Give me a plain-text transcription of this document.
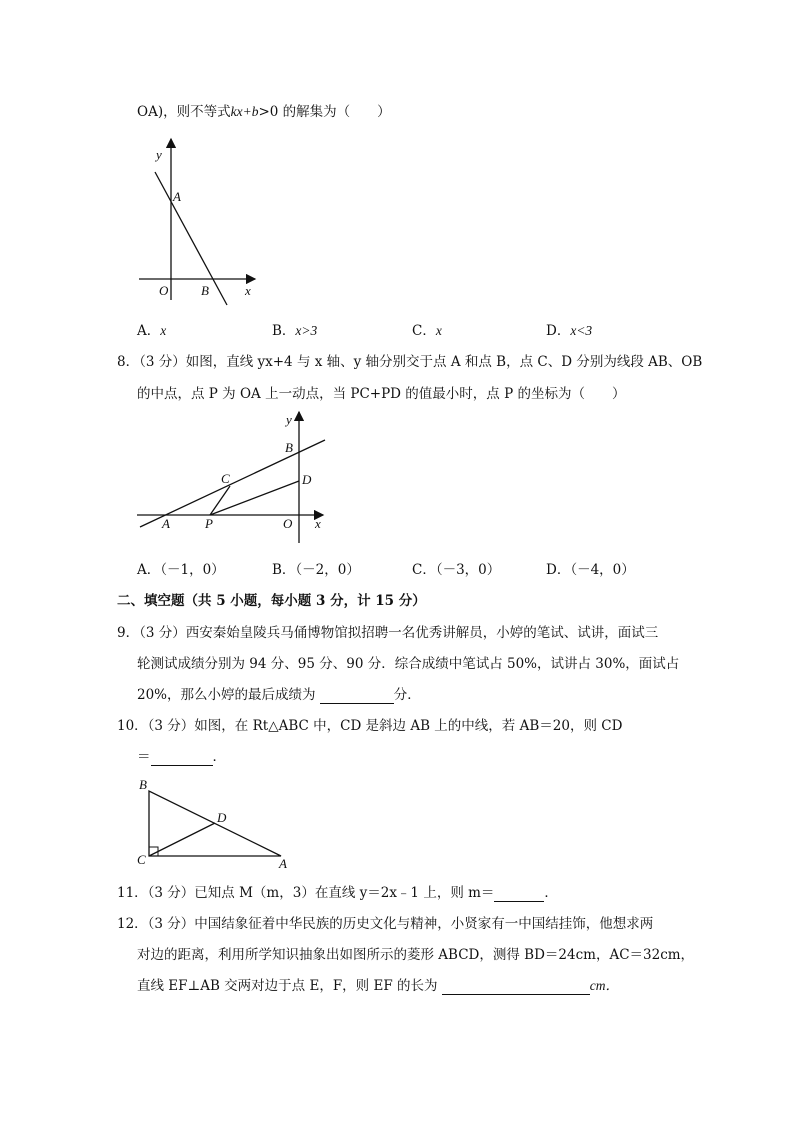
OA)，则不等式kx+b>0 的解集为（　　）
y
A
O	B	x
A．x	B．x>3	C．x	D．x<3
8．（3 分）如图，直线 yx+4 与 x 轴、y 轴分别交于点 A 和点 B，点 C、D 分别为线段 AB、OB
的中点，点 P 为 OA 上一动点，当 PC+PD 的值最小时，点 P 的坐标为（　　）
y
B
C	D
A	P	O x
A．（－1，0）	B．（－2，0）	C．（－3，0）	D．（－4，0）
二、填空题（共 5 小题，每小题 3 分，计 15 分）
9．（3 分）西安秦始皇陵兵马俑博物馆拟招聘一名优秀讲解员，小婷的笔试、试讲，面试三
轮测试成绩分别为 94 分、95 分、90 分．综合成绩中笔试占 50%，试讲占 30%，面试占
20%，那么小婷的最后成绩为	分．
10．（3 分）如图，在 Rt△ABC 中，CD 是斜边 AB 上的中线，若 AB＝20，则 CD
＝	．
B
D
C	A
11．（3 分）已知点 M（m，3）在直线 y＝2x﹣1 上，则 m＝	．
12．（3 分）中国结象征着中华民族的历史文化与精神，小贤家有一中国结挂饰，他想求两
对边的距离，利用所学知识抽象出如图所示的菱形 ABCD，测得 BD＝24cm，AC＝32cm，
直线 EF⊥AB 交两对边于点 E，F，则 EF 的长为	cm．
